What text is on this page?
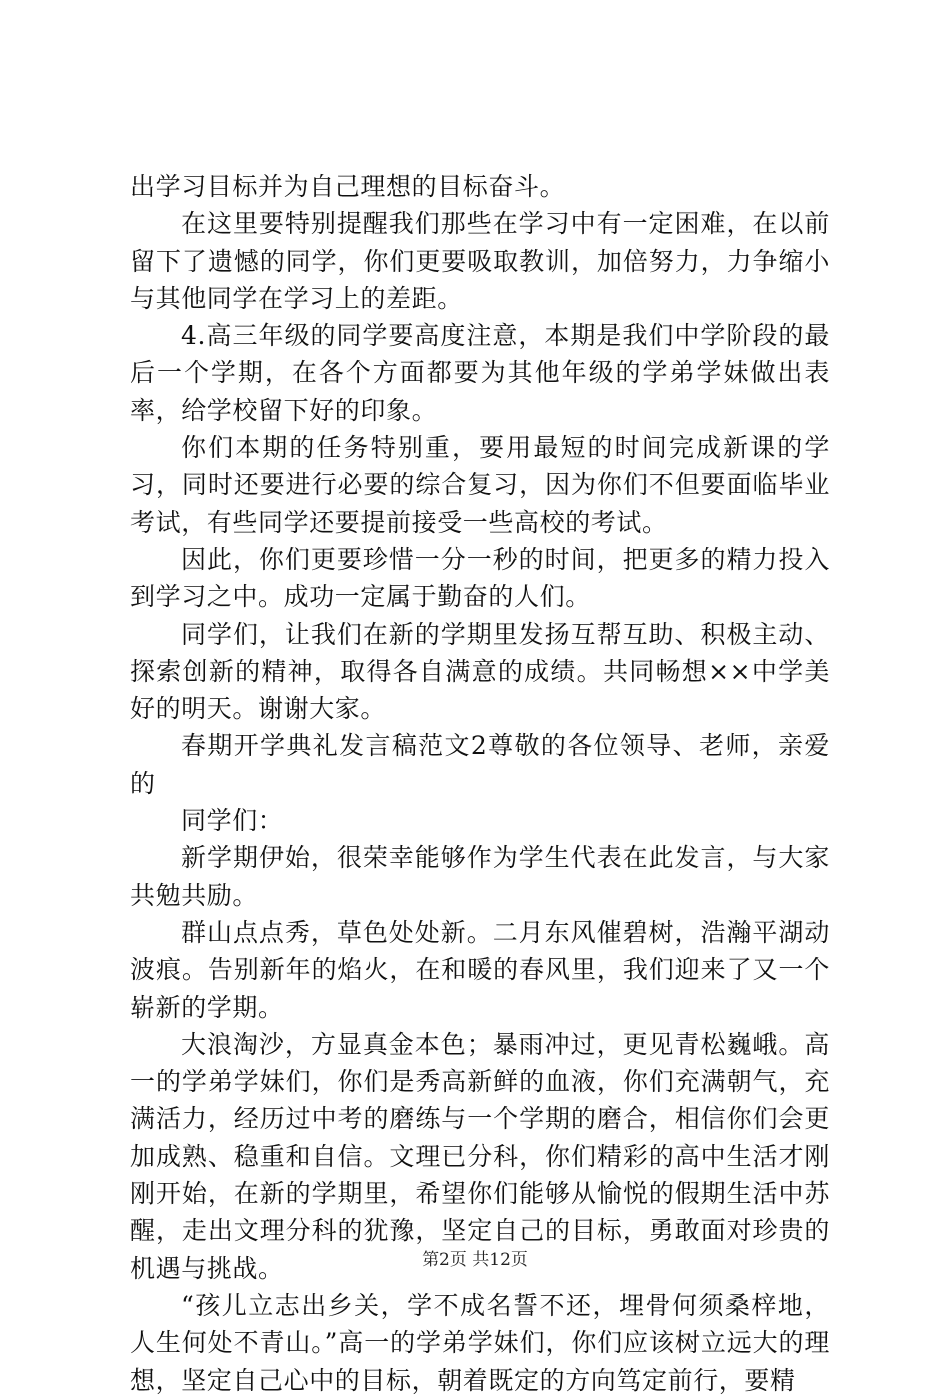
出学习目标并为自己理想的目标奋斗。

在这里要特别提醒我们那些在学习中有一定困难，在以前留下了遗憾的同学，你们更要吸取教训，加倍努力，力争缩小与其他同学在学习上的差距。

4.高三年级的同学要高度注意，本期是我们中学阶段的最后一个学期，在各个方面都要为其他年级的学弟学妹做出表率，给学校留下好的印象。

你们本期的任务特别重，要用最短的时间完成新课的学习，同时还要进行必要的综合复习，因为你们不但要面临毕业考试，有些同学还要提前接受一些高校的考试。

因此，你们更要珍惜一分一秒的时间，把更多的精力投入到学习之中。成功一定属于勤奋的人们。

同学们，让我们在新的学期里发扬互帮互助、积极主动、探索创新的精神，取得各自满意的成绩。共同畅想××中学美好的明天。谢谢大家。

春期开学典礼发言稿范文2尊敬的各位领导、老师，亲爱的

同学们：

新学期伊始，很荣幸能够作为学生代表在此发言，与大家共勉共励。

群山点点秀，草色处处新。二月东风催碧树，浩瀚平湖动波痕。告别新年的焰火，在和暖的春风里，我们迎来了又一个崭新的学期。

大浪淘沙，方显真金本色；暴雨冲过，更见青松巍峨。高一的学弟学妹们，你们是秀高新鲜的血液，你们充满朝气，充满活力，经历过中考的磨练与一个学期的磨合，相信你们会更加成熟、稳重和自信。文理已分科，你们精彩的高中生活才刚刚开始，在新的学期里，希望你们能够从愉悦的假期生活中苏醒，走出文理分科的犹豫，坚定自己的目标，勇敢面对珍贵的机遇与挑战。

“孩儿立志出乡关，学不成名誓不还，埋骨何须桑梓地，人生何处不青山。”高一的学弟学妹们，你们应该树立远大的理想，坚定自己心中的目标，朝着既定的方向笃定前行，要精

第2页 共12页
